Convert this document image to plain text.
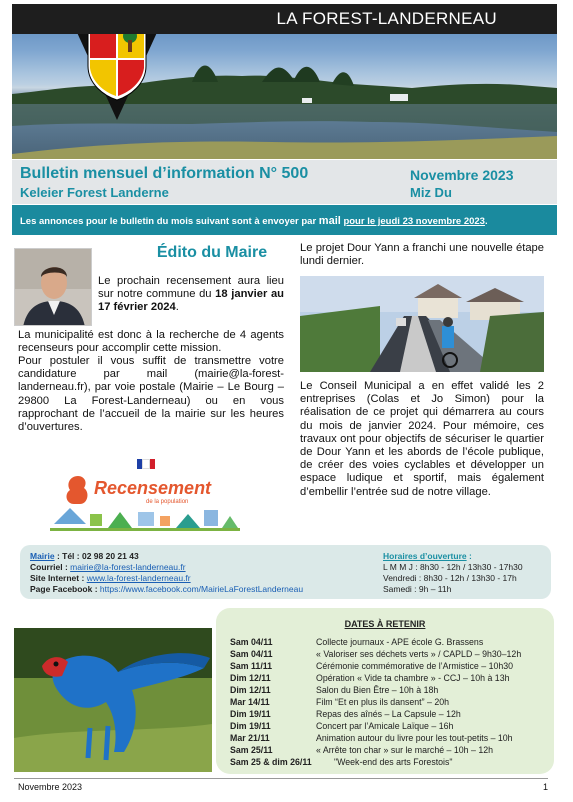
LA FOREST-LANDERNEAU
Bulletin mensuel d’information N° 500
Keleier Forest Landerne
Novembre 2023
Miz Du
Les annonces pour le bulletin du mois suivant sont à envoyer par mail pour le jeudi 23 novembre 2023.
Édito du Maire
Le prochain recensement aura lieu sur notre commune du 18 janvier au 17 février 2024.
La municipalité est donc à la recherche de 4 agents recenseurs pour accomplir cette mission.
Pour postuler il vous suffit de transmettre votre candidature par mail (mairie@la-forest-landerneau.fr), par voie postale (Mairie – Le Bourg – 29800 La Forest-Landerneau) ou en vous rapprochant de l’accueil de la mairie sur les heures d’ouvertures.
Recensement
de la population
Le projet Dour Yann a franchi une nouvelle étape lundi dernier.
Le Conseil Municipal a en effet validé les 2 entreprises (Colas et Jo Simon) pour la réalisation de ce projet qui démarrera au cours du mois de janvier 2024. Pour mémoire, ces travaux ont pour objectifs de sécuriser le quartier de Dour Yann et les abords de l’école publique, de créer des voies cyclables et développer un espace ludique et sportif, mais également d’embellir l’entrée sud de notre village.
Mairie : Tél : 02 98 20 21 43
Courriel : mairie@la-forest-landerneau.fr
Site Internet : www.la-forest-landerneau.fr
Page Facebook : https://www.facebook.com/MairieLaForestLanderneau
Horaires d’ouverture :
L M M J : 8h30 - 12h / 13h30 - 17h30
Vendredi : 8h30 - 12h / 13h30 - 17h
Samedi : 9h – 11h
DATES À RETENIR
Sam 04/11	Collecte journaux - APE école G. Brassens
Sam 04/11	« Valoriser ses déchets verts » / CAPLD – 9h30–12h
Sam 11/11	Cérémonie commémorative de l’Armistice – 10h30
Dim 12/11	Opération « Vide ta chambre » - CCJ – 10h à 13h
Dim 12/11	Salon du Bien Être – 10h à 18h
Mar 14/11	Film “Et en plus ils dansent” – 20h
Dim 19/11	Repas des aînés – La Capsule – 12h
Dim 19/11	Concert par l’Amicale Laïque – 16h
Mar 21/11	Animation autour du livre pour les tout-petits – 10h
Sam 25/11	« Arrête ton char » sur le marché – 10h – 12h
Sam 25 & dim 26/11	"Week-end des arts Forestois"
Novembre 2023	1
